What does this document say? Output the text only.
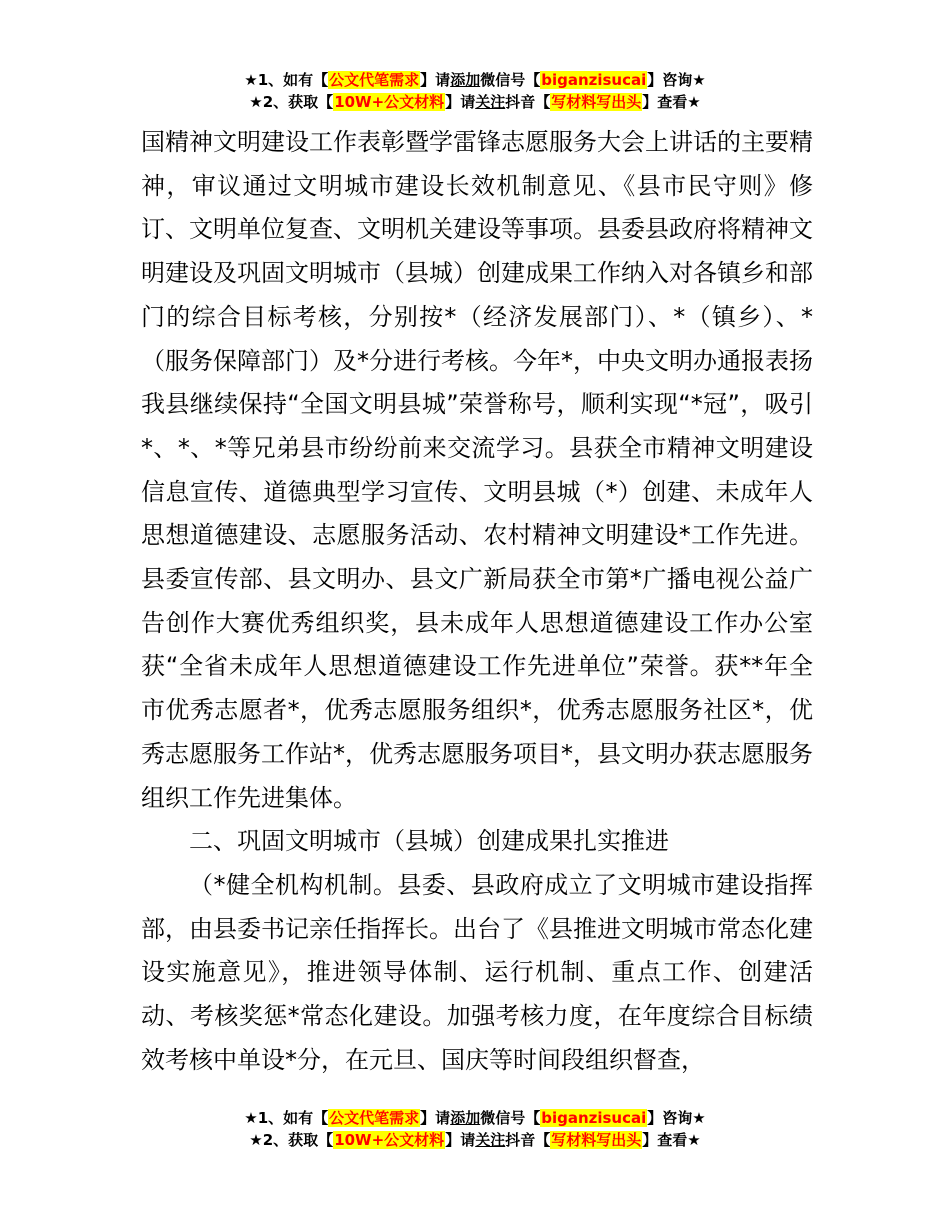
★1、如有【公文代笔需求】请添加微信号【biganzisucai】咨询★
★2、获取【10W+公文材料】请关注抖音【写材料写出头】查看★

国精神文明建设工作表彰暨学雷锋志愿服务大会上讲话的主要精神，审议通过文明城市建设长效机制意见、《县市民守则》修订、文明单位复查、文明机关建设等事项。县委县政府将精神文明建设及巩固文明城市（县城）创建成果工作纳入对各镇乡和部门的综合目标考核，分别按*（经济发展部门）、*（镇乡）、*（服务保障部门）及*分进行考核。今年*，中央文明办通报表扬我县继续保持“全国文明县城”荣誉称号，顺利实现“*冠”，吸引*、*、*等兄弟县市纷纷前来交流学习。县获全市精神文明建设信息宣传、道德典型学习宣传、文明县城（*）创建、未成年人思想道德建设、志愿服务活动、农村精神文明建设*工作先进。县委宣传部、县文明办、县文广新局获全市第*广播电视公益广告创作大赛优秀组织奖，县未成年人思想道德建设工作办公室获“全省未成年人思想道德建设工作先进单位”荣誉。获**年全市优秀志愿者*，优秀志愿服务组织*，优秀志愿服务社区*，优秀志愿服务工作站*，优秀志愿服务项目*，县文明办获志愿服务组织工作先进集体。

二、巩固文明城市（县城）创建成果扎实推进

（*健全机构机制。县委、县政府成立了文明城市建设指挥部，由县委书记亲任指挥长。出台了《县推进文明城市常态化建设实施意见》，推进领导体制、运行机制、重点工作、创建活动、考核奖惩*常态化建设。加强考核力度，在年度综合目标绩效考核中单设*分，在元旦、国庆等时间段组织督查，

★1、如有【公文代笔需求】请添加微信号【biganzisucai】咨询★
★2、获取【10W+公文材料】请关注抖音【写材料写出头】查看★
